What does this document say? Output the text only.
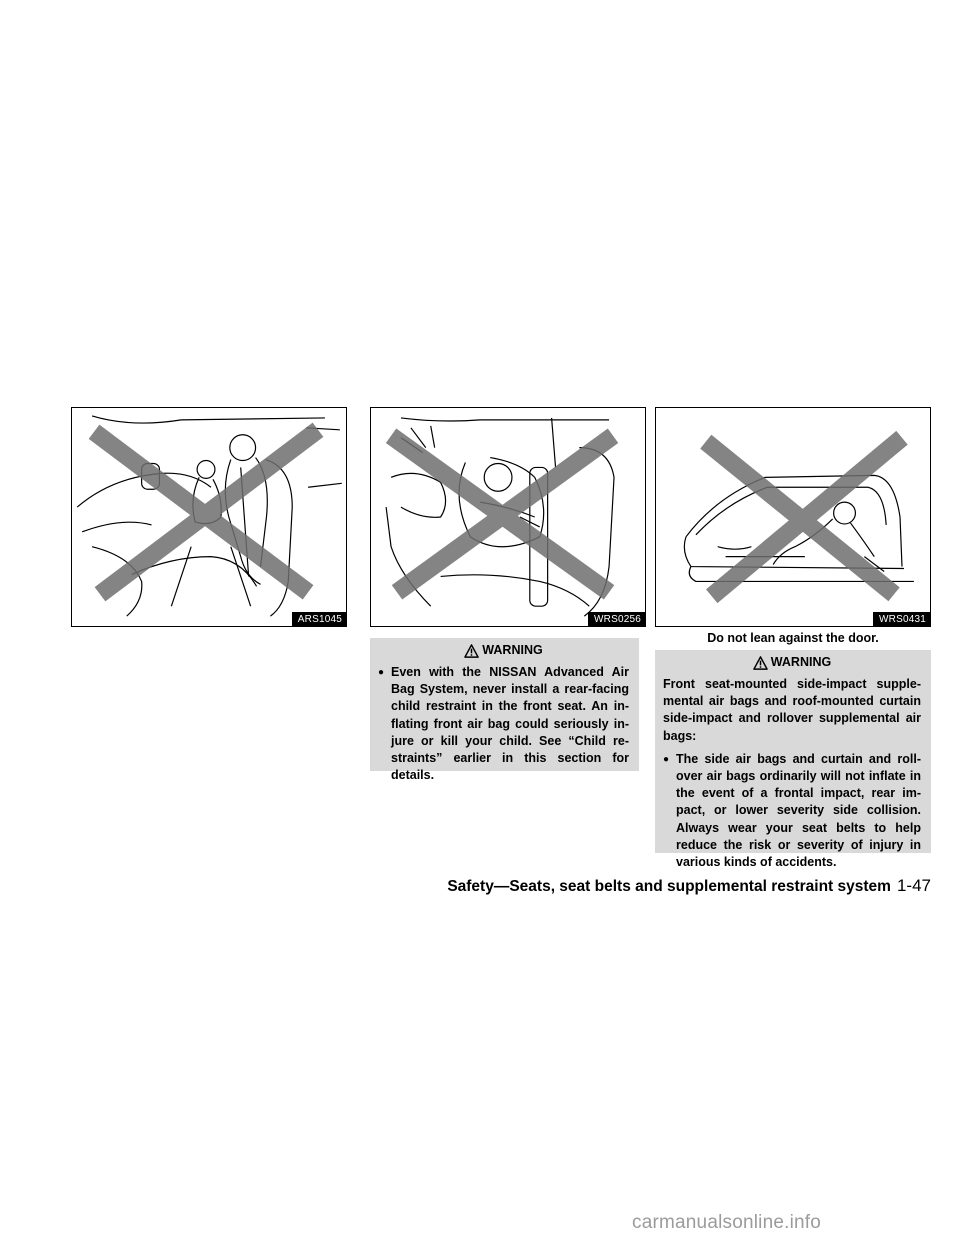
ARS1045	WRS0256	WRS0431
Do not lean against the door.
WARNING
● Even with the NISSAN Advanced Air Bag System, never install a rear-facing child restraint in the front seat. An in- flating front air bag could seriously in- jure or kill your child. See “Child re- straints” earlier in this section for details.
WARNING
Front seat-mounted side-impact supple- mental air bags and roof-mounted curtain side-impact and rollover supplemental air bags:
● The side air bags and curtain and roll- over air bags ordinarily will not inflate in the event of a frontal impact, rear im- pact, or lower severity side collision. Always wear your seat belts to help reduce the risk or severity of injury in various kinds of accidents.
Safety—Seats, seat belts and supplemental restraint system 1-47
carmanualsonline.info
